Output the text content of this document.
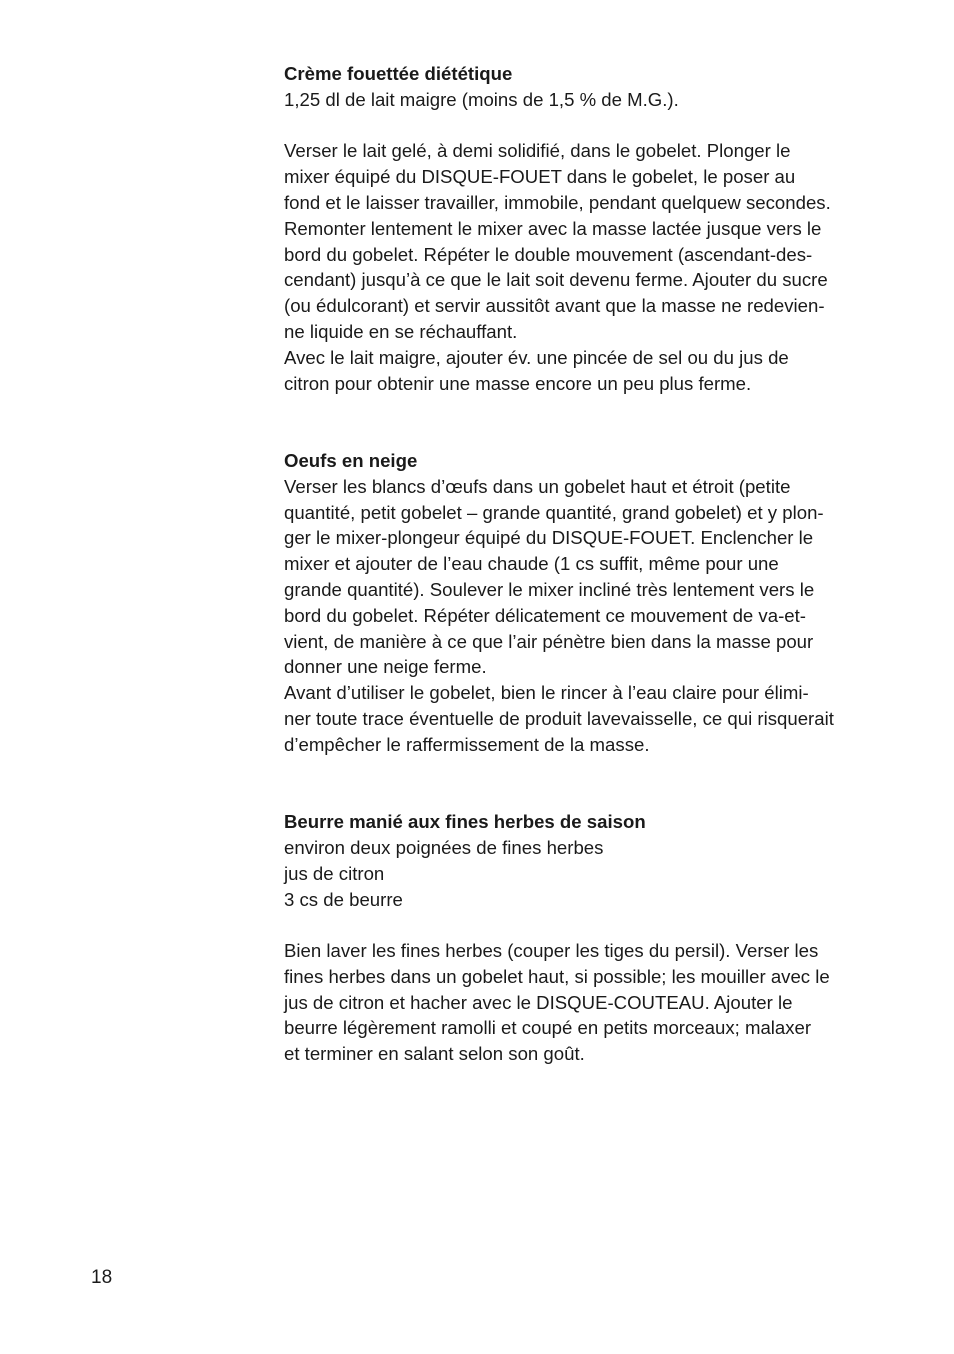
Crème fouettée diététique

1,25 dl de lait maigre (moins de 1,5 % de M.G.).

Verser le lait gelé, à demi solidifié, dans le gobelet. Plonger le

mixer équipé du DISQUE-FOUET dans le gobelet, le poser au

fond et le laisser travailler, immobile, pendant quelquew secondes.

Remonter lentement le mixer avec la masse lactée jusque vers le

bord du gobelet. Répéter le double mouvement (ascendant-des-

cendant) jusqu’à ce que le lait soit devenu ferme. Ajouter du sucre

(ou édulcorant) et servir aussitôt avant que la masse ne redevien-

ne liquide en se réchauffant.

Avec le lait maigre, ajouter év. une pincée de sel ou du jus de

citron pour obtenir une masse encore un peu plus ferme.

Oeufs en neige

Verser les blancs d’œufs dans un gobelet haut et étroit (petite

quantité, petit gobelet – grande quantité, grand gobelet) et y plon-

ger le mixer-plongeur équipé du DISQUE-FOUET. Enclencher le

mixer et ajouter de l’eau chaude (1 cs suffit, même pour une

grande quantité). Soulever le mixer incliné très lentement vers le

bord du gobelet. Répéter délicatement ce mouvement de va-et-

vient, de manière à ce que l’air pénètre bien dans la masse pour

donner une neige ferme.

Avant d’utiliser le gobelet, bien le rincer à l’eau claire pour élimi-

ner toute trace éventuelle de produit lavevaisselle, ce qui risquerait

d’empêcher le raffermissement de la masse.

Beurre manié aux fines herbes de saison

environ deux poignées de fines herbes

jus de citron

3 cs de beurre

Bien laver les fines herbes (couper les tiges du persil). Verser les

fines herbes dans un gobelet haut, si possible; les mouiller avec le

jus de citron et hacher avec le DISQUE-COUTEAU. Ajouter le

beurre légèrement ramolli et coupé en petits morceaux; malaxer

et terminer en salant selon son goût.

18
